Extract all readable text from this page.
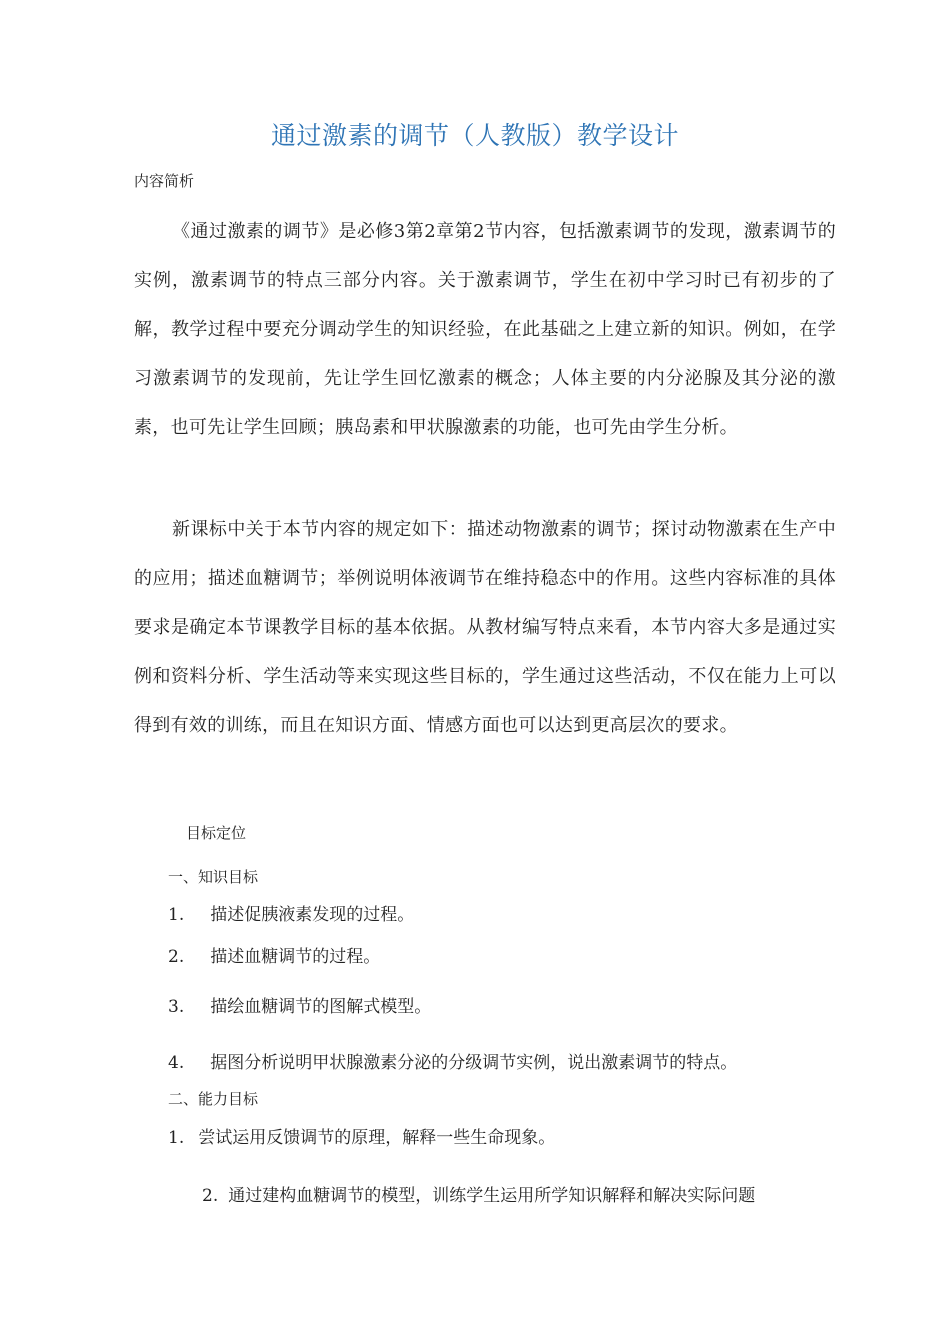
通过激素的调节（人教版）教学设计
内容简析
《通过激素的调节》是必修3第2章第2节内容，包括激素调节的发现，激素调节的实例，激素调节的特点三部分内容。关于激素调节，学生在初中学习时已有初步的了解，教学过程中要充分调动学生的知识经验，在此基础之上建立新的知识。例如，在学习激素调节的发现前，先让学生回忆激素的概念；人体主要的内分泌腺及其分泌的激素，也可先让学生回顾；胰岛素和甲状腺激素的功能，也可先由学生分析。
新课标中关于本节内容的规定如下：描述动物激素的调节；探讨动物激素在生产中的应用；描述血糖调节；举例说明体液调节在维持稳态中的作用。这些内容标准的具体要求是确定本节课教学目标的基本依据。从教材编写特点来看，本节内容大多是通过实例和资料分析、学生活动等来实现这些目标的，学生通过这些活动，不仅在能力上可以得到有效的训练，而且在知识方面、情感方面也可以达到更高层次的要求。
目标定位
一、知识目标
1. 描述促胰液素发现的过程。
2. 描述血糖调节的过程。
3. 描绘血糖调节的图解式模型。
4. 据图分析说明甲状腺激素分泌的分级调节实例，说出激素调节的特点。
二、能力目标
1. 尝试运用反馈调节的原理，解释一些生命现象。
2. 通过建构血糖调节的模型，训练学生运用所学知识解释和解决实际问题
